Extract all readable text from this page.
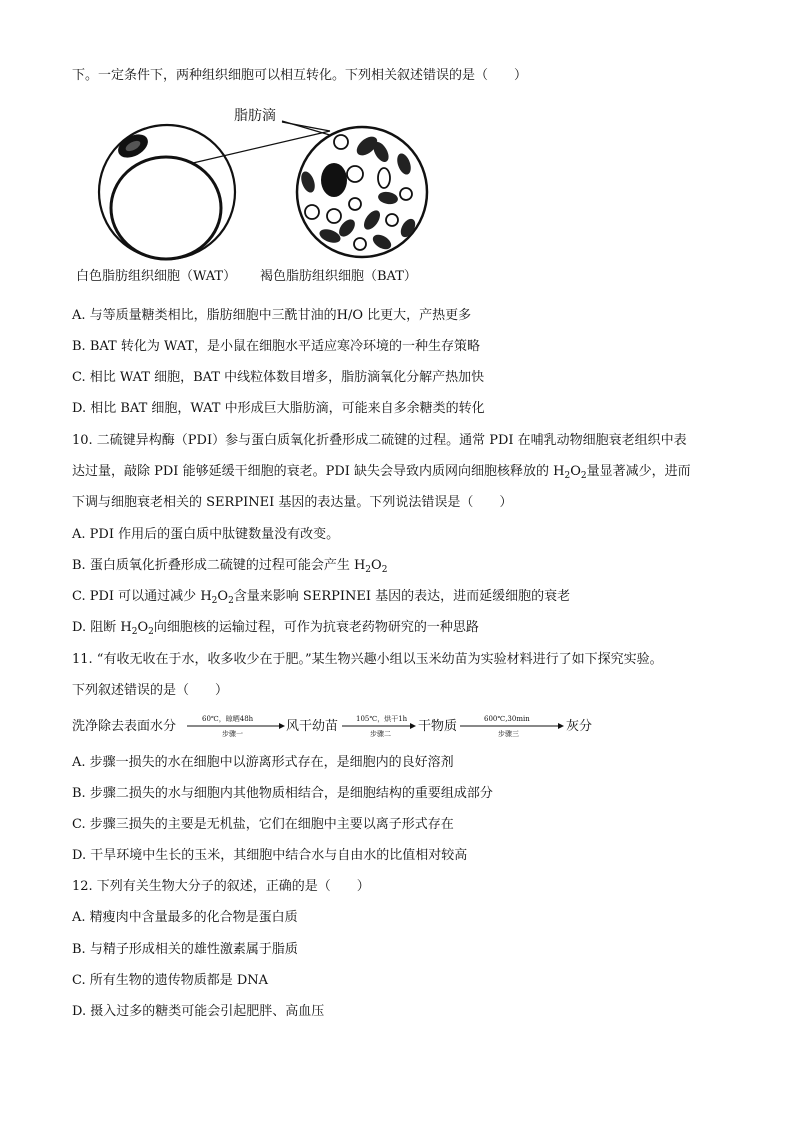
下。一定条件下，两种组织细胞可以相互转化。下列相关叙述错误的是（　　）
脂肪滴
白色脂肪组织细胞（WAT） 褐色脂肪组织细胞（BAT）
A. 与等质量糖类相比，脂肪细胞中三酰甘油的H/O 比更大，产热更多
B. BAT 转化为 WAT，是小鼠在细胞水平适应寒冷环境的一种生存策略
C. 相比 WAT 细胞，BAT 中线粒体数目增多，脂肪滴氧化分解产热加快
D. 相比 BAT 细胞，WAT 中形成巨大脂肪滴，可能来自多余糖类的转化
10. 二硫键异构酶（PDI）参与蛋白质氧化折叠形成二硫键的过程。通常 PDI 在哺乳动物细胞衰老组织中表
达过量，敲除 PDI 能够延缓干细胞的衰老。PDI 缺失会导致内质网向细胞核释放的 $H_2O_2$量显著减少，进而
下调与细胞衰老相关的 SERPINEI 基因的表达量。下列说法错误是（　　）
A. PDI 作用后的蛋白质中肽键数量没有改变。
B. 蛋白质氧化折叠形成二硫键的过程可能会产生 $H_2O_2$
C. PDI 可以通过减少 $H_2O_2$含量来影响 SERPINEI 基因的表达，进而延缓细胞的衰老
D. 阻断 $H_2O_2$向细胞核的运输过程，可作为抗衰老药物研究的一种思路
11. “有收无收在于水，收多收少在于肥。”某生物兴趣小组以玉米幼苗为实验材料进行了如下探究实验。
下列叙述错误的是（　　）
洗净除去表面水分	60℃，晾晒48h
步骤一	风干幼苗	105℃，烘干1h
步骤二 干物质	600℃,30min
步骤三	灰分
A. 步骤一损失的水在细胞中以游离形式存在，是细胞内的良好溶剂
B. 步骤二损失的水与细胞内其他物质相结合，是细胞结构的重要组成部分
C. 步骤三损失的主要是无机盐，它们在细胞中主要以离子形式存在
D. 干旱环境中生长的玉米，其细胞中结合水与自由水的比值相对较高
12. 下列有关生物大分子的叙述，正确的是（　　）
A. 精瘦肉中含量最多的化合物是蛋白质
B. 与精子形成相关的雄性激素属于脂质
C. 所有生物的遗传物质都是 DNA
D. 摄入过多的糖类可能会引起肥胖、高血压
